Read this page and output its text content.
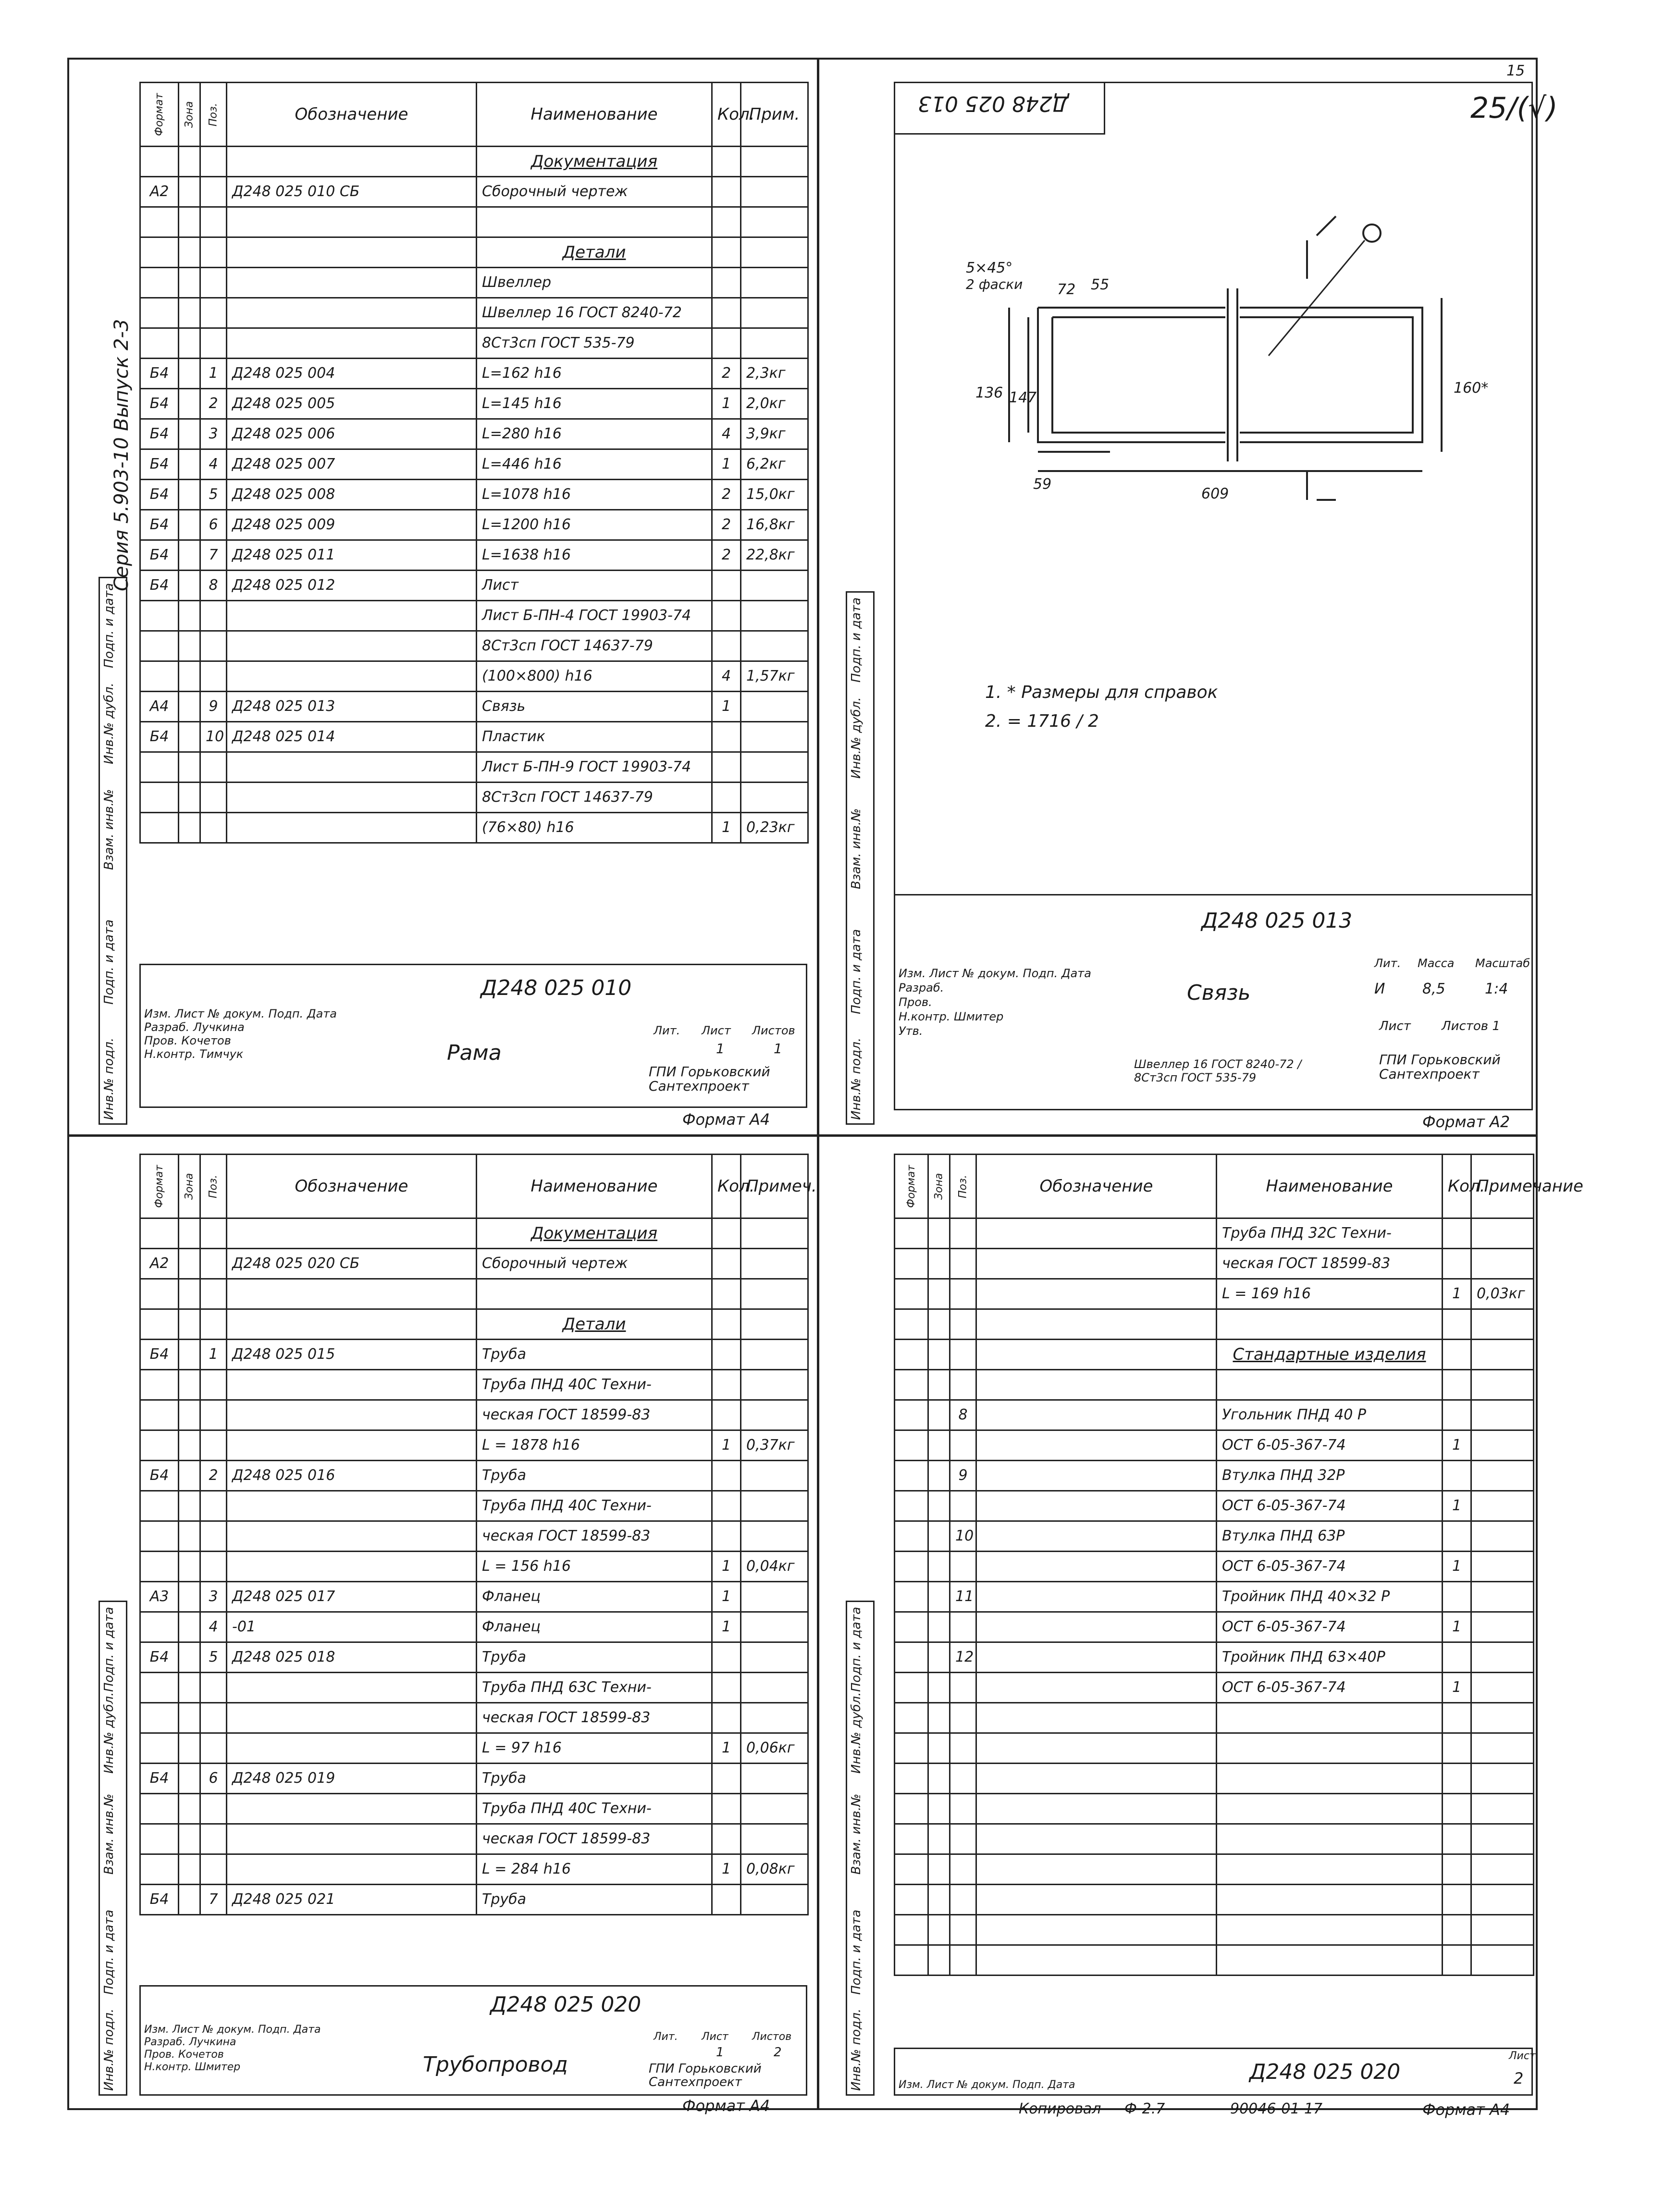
15
Серия 5.903-10 Выпуск 2-3
Инв.№ подл.
Подп. и дата
Взам. инв.№
Инв.№ дубл.
Подп. и дата
Инв.№ подл.
Подп. и дата
Взам. инв.№
Инв.№ дубл.
Подп. и дата
Инв.№ подл.
Подп. и дата
Взам. инв.№
Инв.№ дубл.
Подп. и дата
Инв.№ подл.
Подп. и дата
Взам. инв.№
Инв.№ дубл.
Подп. и дата
Формат	Зона	Поз.	Обозначение	Наименование	Кол.	Прим.
				Документация		
А2			Д248 025 010 СБ	Сборочный чертеж		

				Детали		
				Швеллер		
				Швеллер 16 ГОСТ 8240-72		
				8Ст3сп ГОСТ 535-79		
Б4		1	Д248 025 004	L=162 h16	2	2,3кг
Б4		2	Д248 025 005	L=145 h16	1	2,0кг
Б4		3	Д248 025 006	L=280 h16	4	3,9кг
Б4		4	Д248 025 007	L=446 h16	1	6,2кг
Б4		5	Д248 025 008	L=1078 h16	2	15,0кг
Б4		6	Д248 025 009	L=1200 h16	2	16,8кг
Б4		7	Д248 025 011	L=1638 h16	2	22,8кг
Б4		8	Д248 025 012	Лист		
				Лист Б-ПН-4 ГОСТ 19903-74		
				8Ст3сп ГОСТ 14637-79		
				(100×800) h16	4	1,57кг
А4		9	Д248 025 013	Связь	1	
Б4		10	Д248 025 014	Пластик		
				Лист Б-ПН-9 ГОСТ 19903-74		
				8Ст3сп ГОСТ 14637-79		
				(76×80) h16	1	0,23кг
Д248 025 010
Рама
ГПИ Горьковский Сантехпроект
Лит. Лист Листов
1	1
Изм. Лист № докум. Подп. Дата
Разраб. Лучкина
Пров. Кочетов
Н.контр. Тимчук
Формат А4
Д248 025 013	25/(√)
5×45°
2 фаски 72 55
136 147
160*
59
609
1. * Размеры для справок
2. = 1716 / 2
Д248 025 013
Связь
Лит. Масса Масштаб
И	8,5	1:4
Лист Листов 1
Швеллер 16 ГОСТ 8240-72 / 8Ст3сп ГОСТ 535-79
ГПИ Горьковский Сантехпроект
Изм. Лист № докум. Подп. Дата
Разраб.
Пров.
Н.контр. Шмитер
Утв.
Формат А2
Формат	Зона	Поз.	Обозначение	Наименование	Кол.	Примеч.
				Документация		
А2			Д248 025 020 СБ	Сборочный чертеж		

				Детали		
Б4		1	Д248 025 015	Труба		
				Труба ПНД 40С Техни-		
				ческая ГОСТ 18599-83		
				L = 1878 h16	1	0,37кг
Б4		2	Д248 025 016	Труба		
				Труба ПНД 40С Техни-		
				ческая ГОСТ 18599-83		
				L = 156 h16	1	0,04кг
А3		3	Д248 025 017	Фланец	1	
		4	-01	Фланец	1	
Б4		5	Д248 025 018	Труба		
				Труба ПНД 63С Техни-		
				ческая ГОСТ 18599-83		
				L = 97 h16	1	0,06кг
Б4		6	Д248 025 019	Труба		
				Труба ПНД 40С Техни-		
				ческая ГОСТ 18599-83		
				L = 284 h16	1	0,08кг
Б4		7	Д248 025 021	Труба		
Д248 025 020
Трубопровод	ГПИ Горьковский Сантехпроект
Лит. Лист Листов
1	2
Изм. Лист № докум. Подп. Дата
Разраб. Лучкина
Пров. Кочетов
Н.контр. Шмитер
Формат А4
Формат	Зона	Поз.	Обозначение	Наименование	Кол.	Примечание
				Труба ПНД 32С Техни-		
				ческая ГОСТ 18599-83		
				L = 169 h16	1	0,03кг

				Стандартные изделия		

		8		Угольник ПНД 40 Р		
				ОСТ 6-05-367-74	1	
		9		Втулка ПНД 32Р		
				ОСТ 6-05-367-74	1	
		10		Втулка ПНД 63Р		
				ОСТ 6-05-367-74	1	
		11		Тройник ПНД 40×32 Р		
				ОСТ 6-05-367-74	1	
		12		Тройник ПНД 63×40Р		
				ОСТ 6-05-367-74	1	

Д248 025 020
Лист
2
Изм. Лист № докум. Подп. Дата
Копировал Ф-2.7	90046-01 17	Формат А4
